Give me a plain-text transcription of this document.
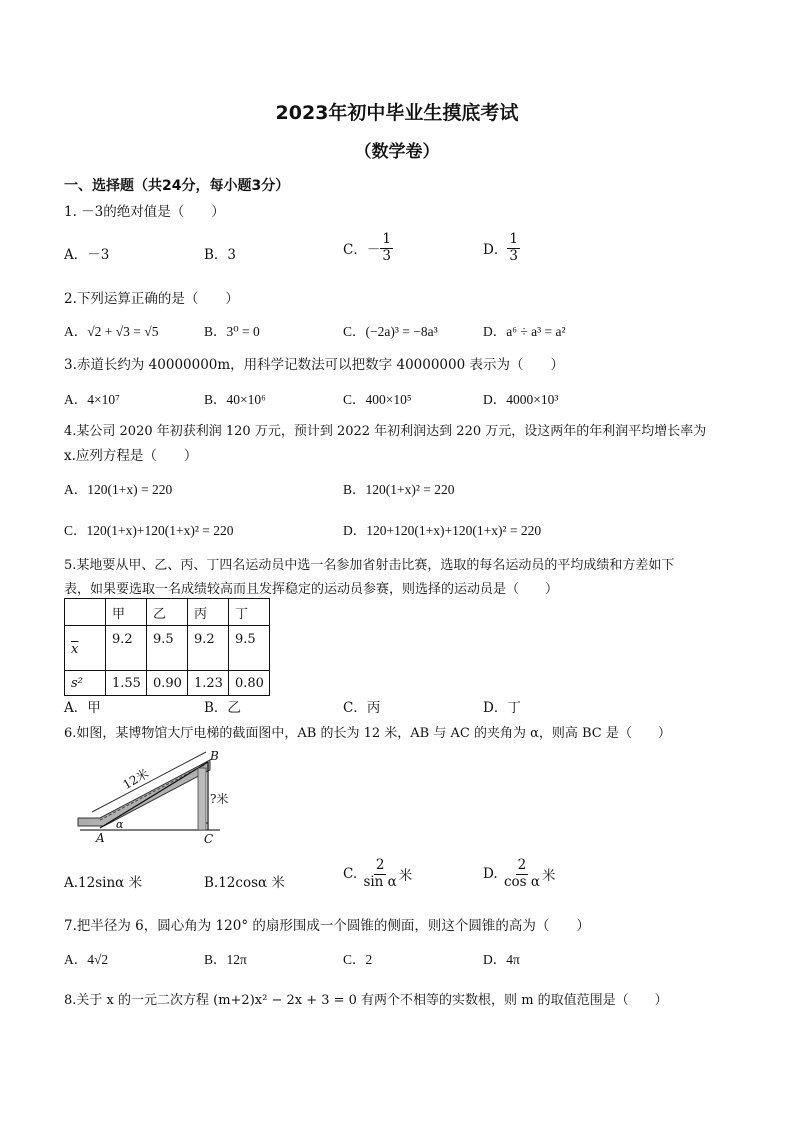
2023年初中毕业生摸底考试
（数学卷）
一、选择题（共24分，每小题3分）
1. －3的绝对值是（　　）
A．－3	B．3	C．－ $\frac{1}{3}$	D． $\frac{1}{3}$
2.下列运算正确的是（　　）
A．√2 + √3 = √5	B．3⁰ = 0	C．(−2a)³ = −8a³	D．a⁶ ÷ a³ = a²
3.赤道长约为 40000000m，用科学记数法可以把数字 40000000 表示为（　　）
A．4×10⁷	B．40×10⁶	C．400×10⁵	D．4000×10³
4.某公司 2020 年初获利润 120 万元，预计到 2022 年初利润达到 220 万元，设这两年的年利润平均增长率为
x.应列方程是（　　）
A．120(1+x) = 220	B．120(1+x)² = 220
C．120(1+x)+120(1+x)² = 220	D．120+120(1+x)+120(1+x)² = 220
5.某地要从甲、乙、丙、丁四名运动员中选一名参加省射击比赛，选取的每名运动员的平均成绩和方差如下
表，如果要选取一名成绩较高而且发挥稳定的运动员参赛，则选择的运动员是（　　）
	甲	乙	丙	丁
$\overline{x}$	9.2	9.5	9.2	9.5
s²	1.55	0.90	1.23	0.80
A．甲	B．乙	C．丙	D．丁
6.如图，某博物馆大厅电梯的截面图中，AB 的长为 12 米，AB 与 AC 的夹角为 α，则高 BC 是（　　）
12米
?米
A
B
C
α
A.12sinα 米	B.12cosα 米
C. $\frac{2}{\text{sin α}}$ 米	D. $\frac{2}{\text{cos α}}$ 米
7.把半径为 6，圆心角为 120° 的扇形围成一个圆锥的侧面，则这个圆锥的高为（　　）
A．4√2	B．12π	C．2	D．4π
8.关于 x 的一元二次方程 (m+2)x² − 2x + 3 = 0 有两个不相等的实数根，则 m 的取值范围是（　　）
